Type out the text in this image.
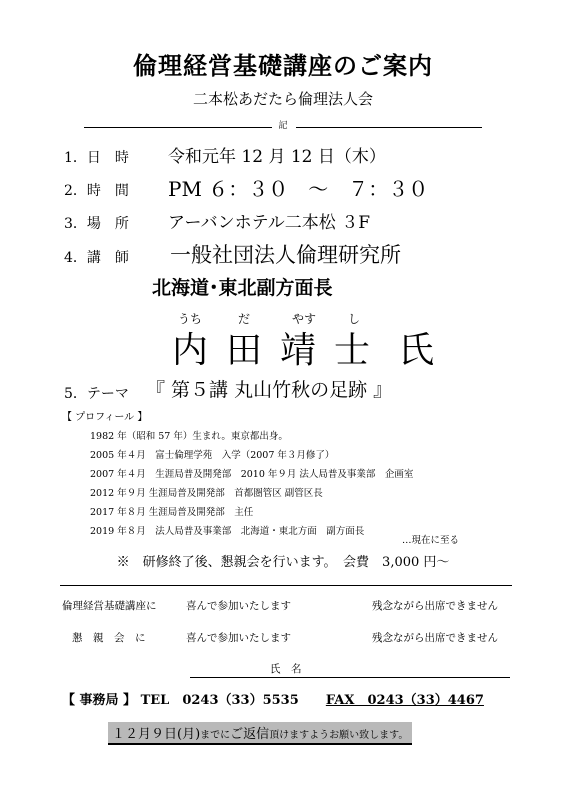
倫理経営基礎講座のご案内
二本松あだたら倫理法人会
記
1．日　時 令和元年 12 月 12 日（木）
2．時　間 PM ６：３０　～　７：３０
3．場　所 アーバンホテル二本松 ３F
4．講　師 一般社団法人倫理研究所
北海道･東北副方面長
うち	だ	やす	し
内 田 靖 士 氏
5．テーマ 『 第５講 丸山竹秋の足跡 』
【 プロフィール 】
1982 年（昭和 57 年）生まれ。東京都出身。
2005 年４月　富士倫理学苑　入学（2007 年３月修了）
2007 年４月　生涯局普及開発部　2010 年９月 法人局普及事業部　企画室
2012 年９月 生涯局普及開発部　首都圏管区 副管区長
2017 年８月 生涯局普及開発部　主任
2019 年８月　法人局普及事業部　北海道・東北方面　副方面長
…現在に至る
※　研修終了後、懇親会を行います。　会費　3,000 円～
倫理経営基礎講座に	喜んで参加いたします	残念ながら出席できません
懇　親　会　に	喜んで参加いたします	残念ながら出席できません
氏　名
【 事務局 】 TEL　0243（33）5535 FAX　0243（33）4467
１２月９日(月)までにご返信頂けますようお願い致します。
